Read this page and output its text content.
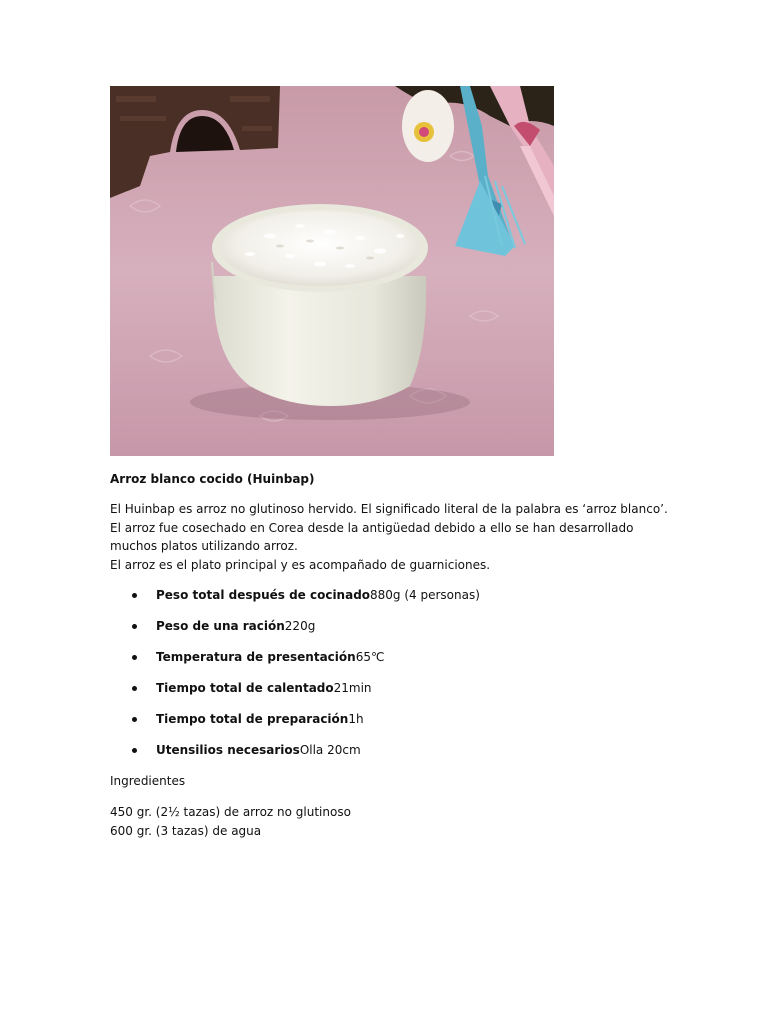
Arroz blanco cocido (Huinbap)

El Huinbap es arroz no glutinoso hervido. El significado literal de la palabra es ‘arroz blanco’. El arroz fue cosechado en Corea desde la antigüedad debido a ello se han desarrollado muchos platos utilizando arroz.

El arroz es el plato principal y es acompañado de guarniciones.

Peso total después de cocinado880g (4 personas)
Peso de una ración220g
Temperatura de presentación65℃
Tiempo total de calentado21min
Tiempo total de preparación1h
Utensilios necesariosOlla 20cm
Ingredientes
450 gr. (2½ tazas) de arroz no glutinoso
600 gr. (3 tazas) de agua
